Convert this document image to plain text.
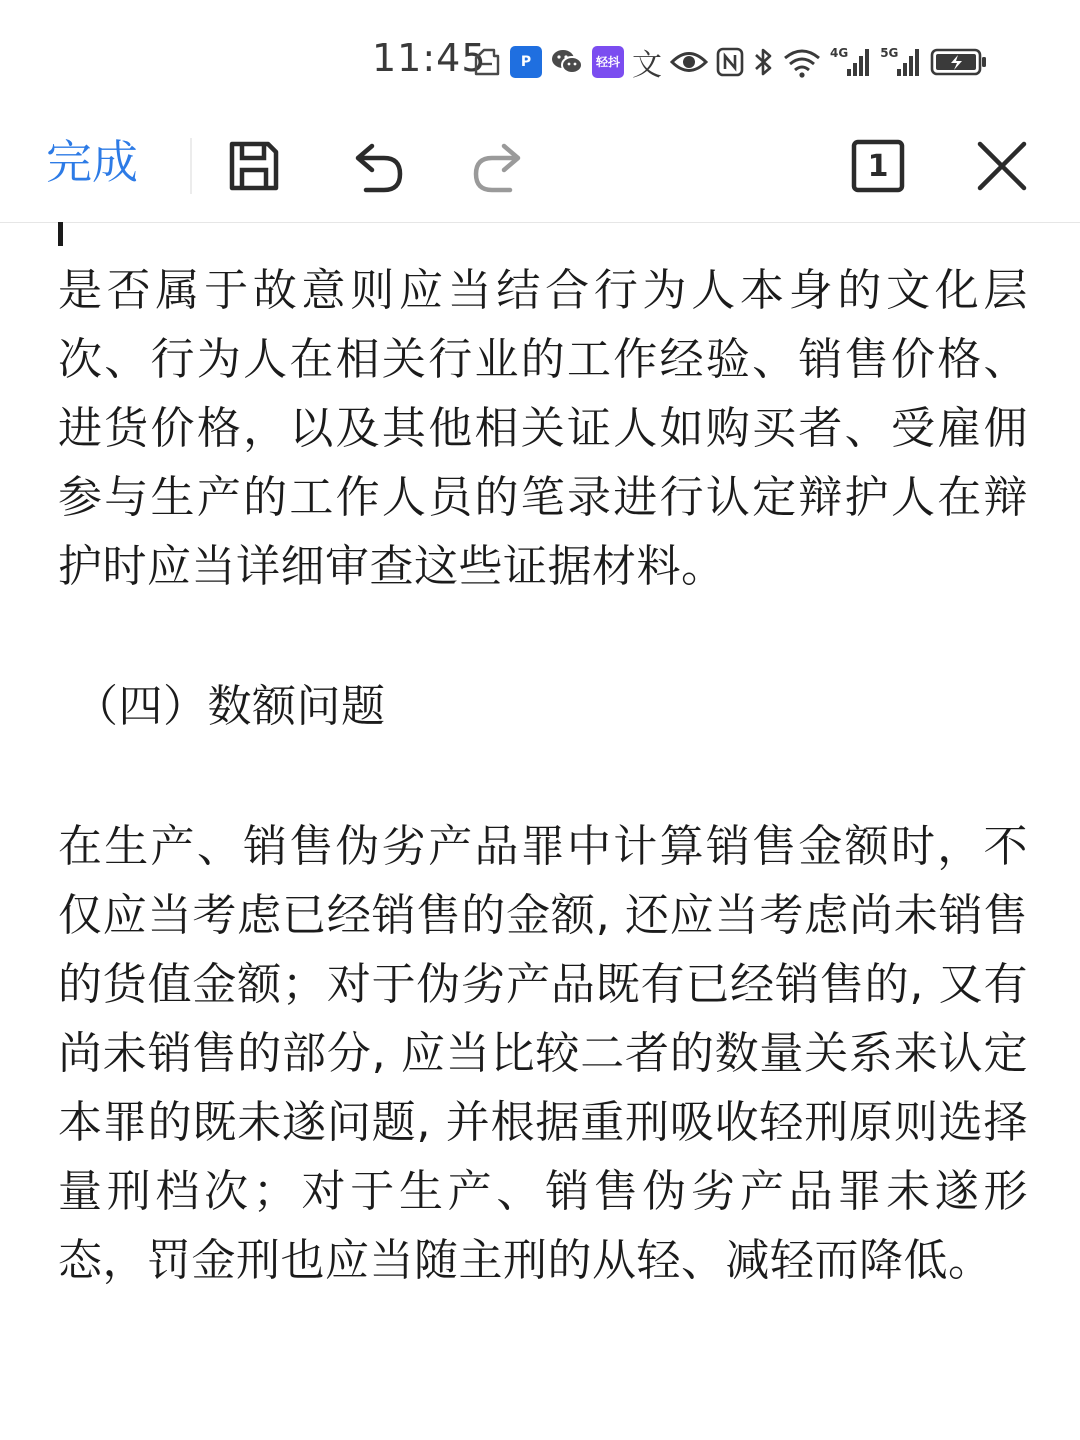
11:45	P	轻抖 文	4G	5G
完成	1
是否属于故意则应当结合行为人本身的文化层次、行为人在相关行业的工作经验、销售价格、进货价格，以及其他相关证人如购买者、受雇佣参与生产的工作人员的笔录进行认定辩护人在辩护时应当详细审查这些证据材料。
（四）数额问题
在生产、销售伪劣产品罪中计算销售金额时，不仅应当考虑已经销售的金额, 还应当考虑尚未销售的货值金额；对于伪劣产品既有已经销售的, 又有尚未销售的部分, 应当比较二者的数量关系来认定本罪的既未遂问题, 并根据重刑吸收轻刑原则选择量刑档次；对于生产、销售伪劣产品罪未遂形态，罚金刑也应当随主刑的从轻、减轻而降低。
